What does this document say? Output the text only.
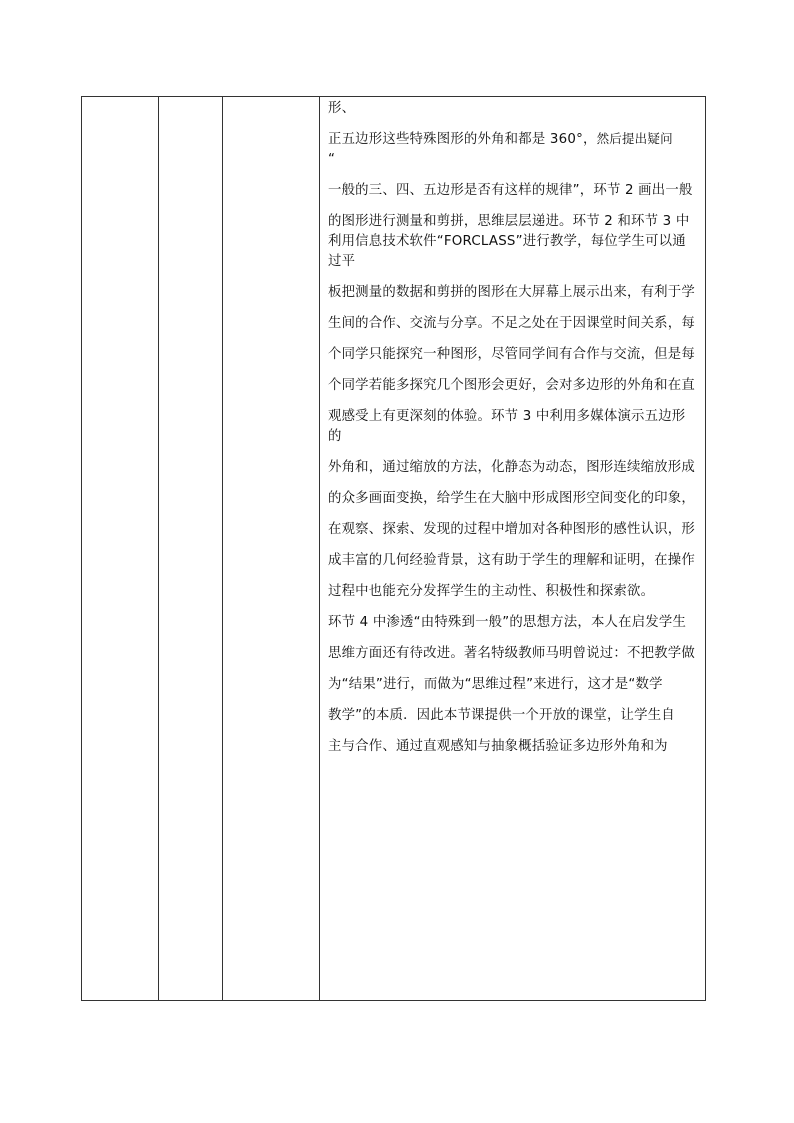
形、

正五边形这些特殊图形的外角和都是 360°，然后提出疑问
“

一般的三、四、五边形是否有这样的规律”，环节 2 画出一般

的图形进行测量和剪拼，思维层层递进。环节 2 和环节 3 中利用信息技术软件“FORCLASS”进行教学，每位学生可以通过平

板把测量的数据和剪拼的图形在大屏幕上展示出来，有利于学

生间的合作、交流与分享。不足之处在于因课堂时间关系，每

个同学只能探究一种图形，尽管同学间有合作与交流，但是每

个同学若能多探究几个图形会更好，会对多边形的外角和在直

观感受上有更深刻的体验。环节 3 中利用多媒体演示五边形的

外角和，通过缩放的方法，化静态为动态，图形连续缩放形成

的众多画面变换，给学生在大脑中形成图形空间变化的印象，

在观察、探索、发现的过程中增加对各种图形的感性认识，形

成丰富的几何经验背景，这有助于学生的理解和证明，在操作

过程中也能充分发挥学生的主动性、积极性和探索欲。

环节 4 中渗透“由特殊到一般”的思想方法，本人在启发学生

思维方面还有待改进。著名特级教师马明曾说过：不把教学做

为“结果”进行，而做为“思维过程”来进行，这才是“数学

教学”的本质．因此本节课提供一个开放的课堂，让学生自

主与合作、通过直观感知与抽象概括验证多边形外角和为
